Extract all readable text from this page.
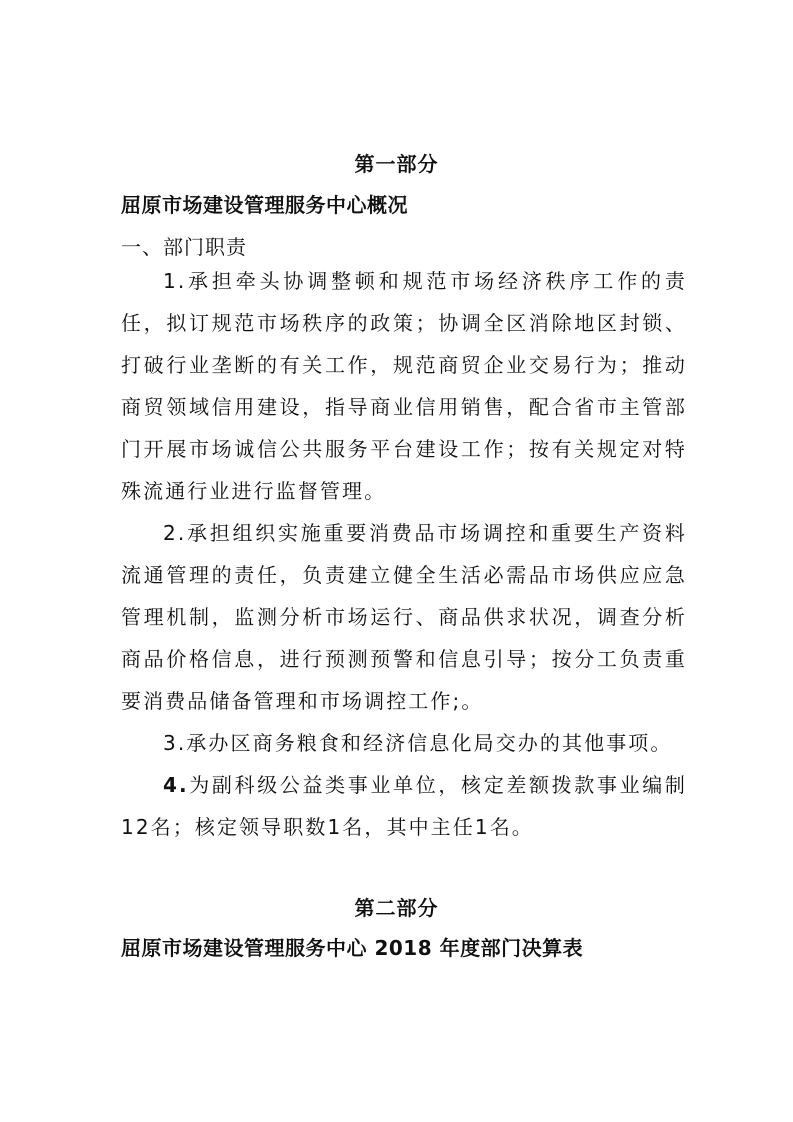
第一部分
屈原市场建设管理服务中心概况
一、部门职责

1.承担牵头协调整顿和规范市场经济秩序工作的责任，拟订规范市场秩序的政策；协调全区消除地区封锁、打破行业垄断的有关工作，规范商贸企业交易行为；推动商贸领域信用建设，指导商业信用销售，配合省市主管部门开展市场诚信公共服务平台建设工作；按有关规定对特殊流通行业进行监督管理。

2.承担组织实施重要消费品市场调控和重要生产资料流通管理的责任，负责建立健全生活必需品市场供应应急管理机制，监测分析市场运行、商品供求状况，调查分析商品价格信息，进行预测预警和信息引导；按分工负责重要消费品储备管理和市场调控工作;。

3.承办区商务粮食和经济信息化局交办的其他事项。

4.为副科级公益类事业单位，核定差额拨款事业编制12名；核定领导职数1名，其中主任1名。

第二部分
屈原市场建设管理服务中心 2018 年度部门决算表
